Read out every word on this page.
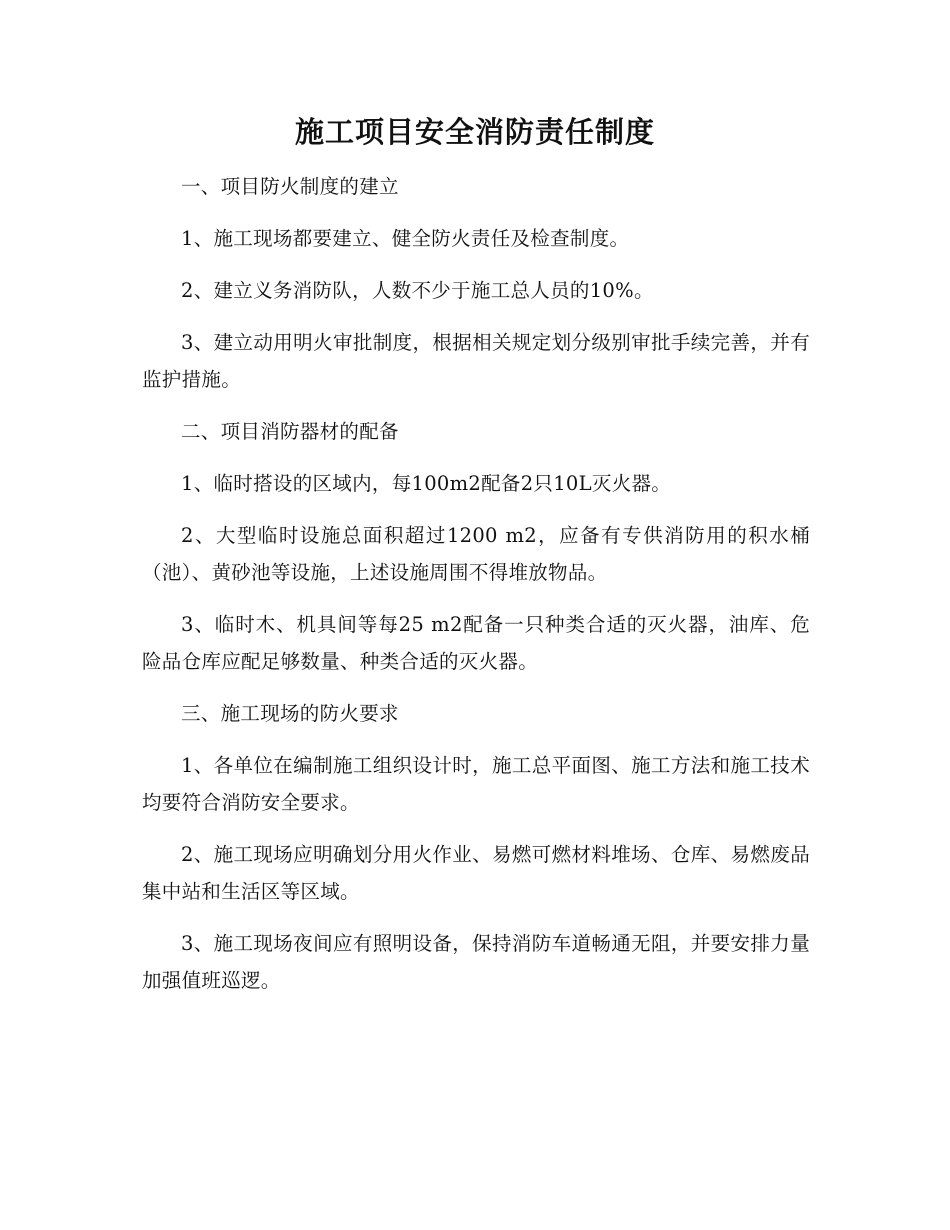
施工项目安全消防责任制度

一、项目防火制度的建立

1、施工现场都要建立、健全防火责任及检查制度。

2、建立义务消防队，人数不少于施工总人员的10%。

3、建立动用明火审批制度，根据相关规定划分级别审批手续完善，并有监护措施。

二、项目消防器材的配备

1、临时搭设的区域内，每100m2配备2只10L灭火器。

2、大型临时设施总面积超过1200 m2，应备有专供消防用的积水桶（池）、黄砂池等设施，上述设施周围不得堆放物品。

3、临时木、机具间等每25 m2配备一只种类合适的灭火器，油库、危险品仓库应配足够数量、种类合适的灭火器。

三、施工现场的防火要求

1、各单位在编制施工组织设计时，施工总平面图、施工方法和施工技术均要符合消防安全要求。

2、施工现场应明确划分用火作业、易燃可燃材料堆场、仓库、易燃废品集中站和生活区等区域。

3、施工现场夜间应有照明设备，保持消防车道畅通无阻，并要安排力量加强值班巡逻。
